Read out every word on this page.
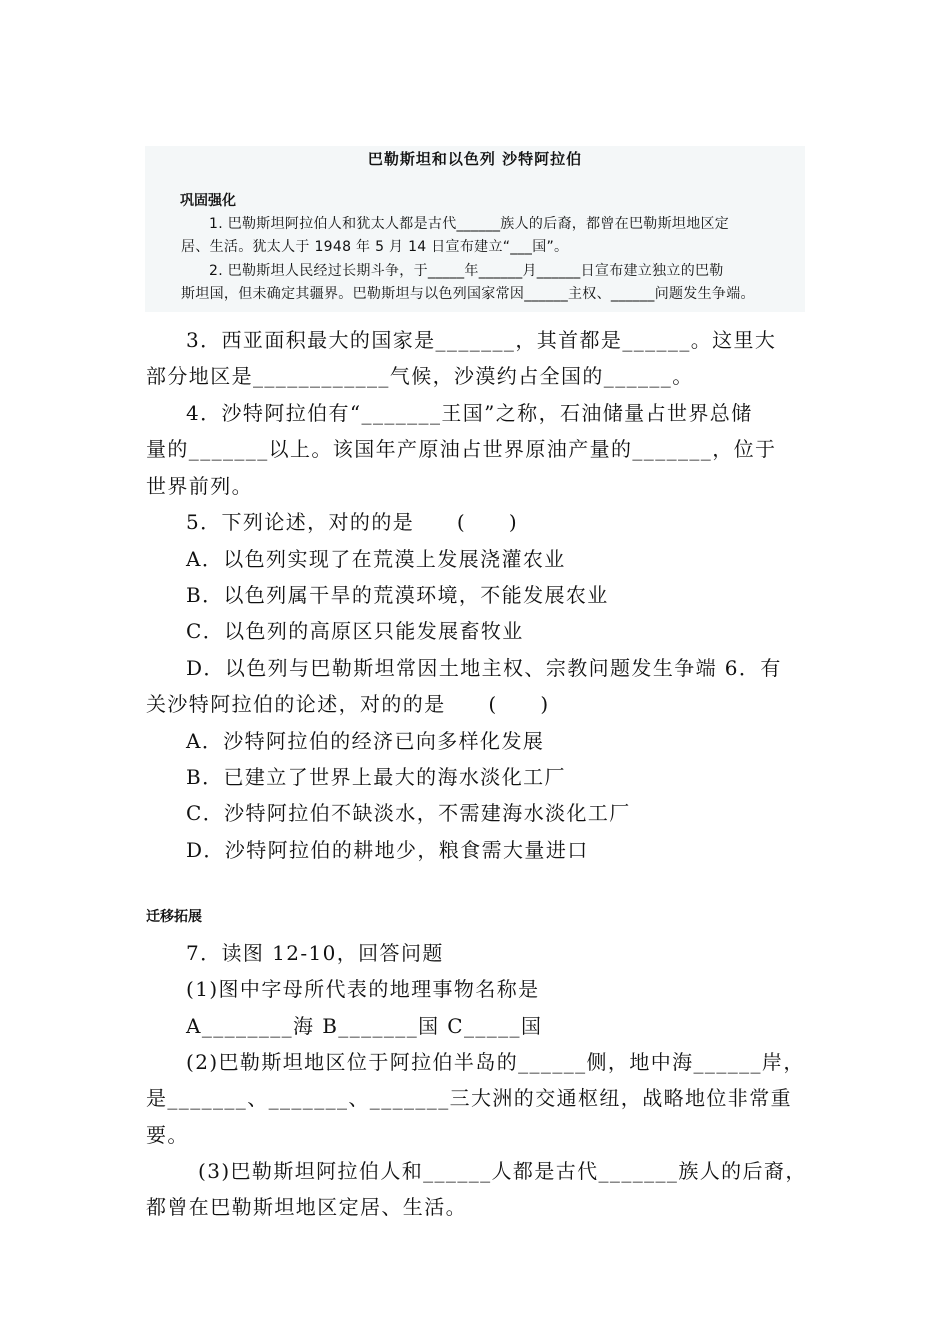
巴勒斯坦和以色列 沙特阿拉伯
巩固强化
1. 巴勒斯坦阿拉伯人和犹太人都是古代______族人的后裔，都曾在巴勒斯坦地区定
居、生活。犹太人于 1948 年 5 月 14 日宣布建立“___国”。
2. 巴勒斯坦人民经过长期斗争，于_____年______月______日宣布建立独立的巴勒
斯坦国，但未确定其疆界。巴勒斯坦与以色列国家常因______主权、______问题发生争端。
3．西亚面积最大的国家是_______，其首都是______。这里大
部分地区是____________气候，沙漠约占全国的______。
4．沙特阿拉伯有“_______王国”之称，石油储量占世界总储
量的_______以上。该国年产原油占世界原油产量的_______，位于
世界前列。
5．下列论述，对的的是　　(　　)
A．以色列实现了在荒漠上发展浇灌农业
B．以色列属干旱的荒漠环境，不能发展农业
C．以色列的高原区只能发展畜牧业
D．以色列与巴勒斯坦常因土地主权、宗教问题发生争端 6．有
关沙特阿拉伯的论述，对的的是　　(　　)
A．沙特阿拉伯的经济已向多样化发展
B．已建立了世界上最大的海水淡化工厂
C．沙特阿拉伯不缺淡水，不需建海水淡化工厂
D．沙特阿拉伯的耕地少，粮食需大量进口
迁移拓展
7．读图 12-10，回答问题
(1)图中字母所代表的地理事物名称是
A________海 B_______国 C_____国
(2)巴勒斯坦地区位于阿拉伯半岛的______侧，地中海______岸，
是_______、_______、_______三大洲的交通枢纽，战略地位非常重
要。
(3)巴勒斯坦阿拉伯人和______人都是古代_______族人的后裔，
都曾在巴勒斯坦地区定居、生活。
